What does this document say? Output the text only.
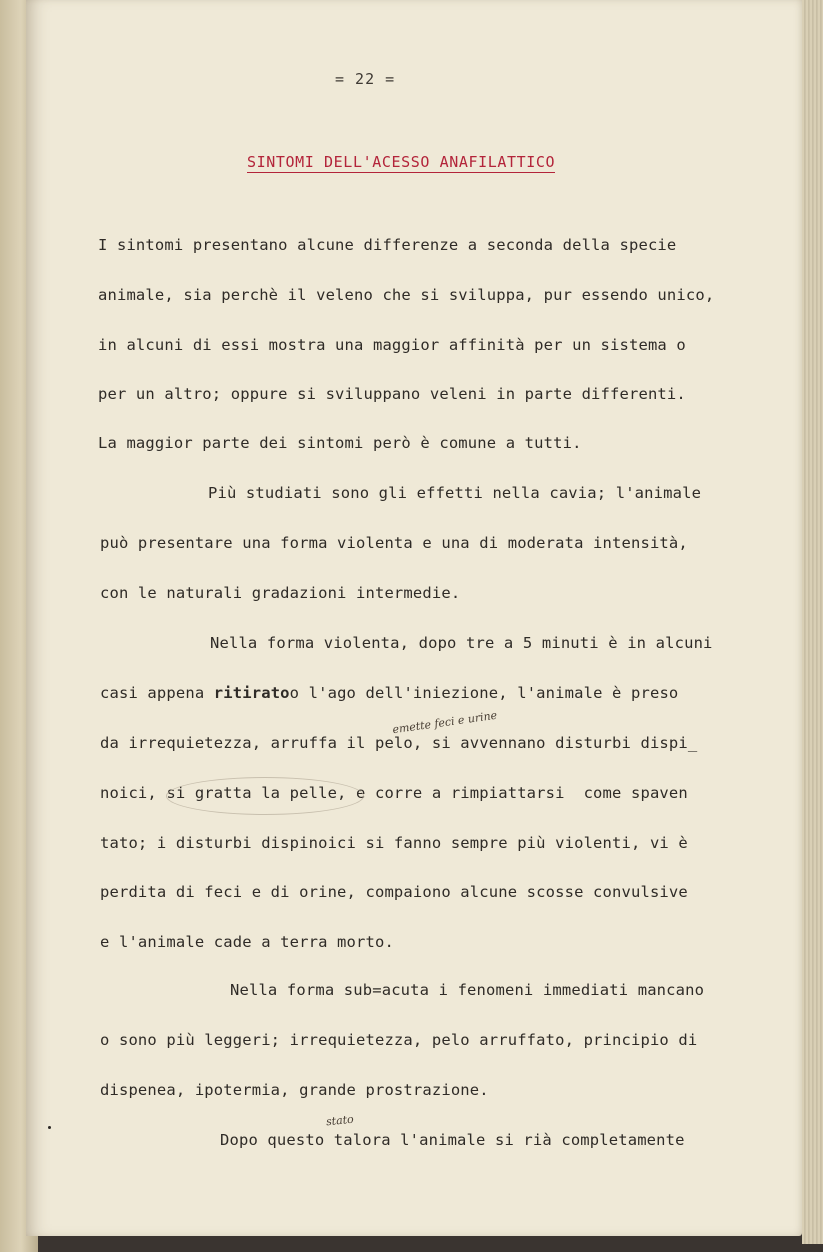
= 22 =
SINTOMI DELL'ACESSO ANAFILATTICO
I sintomi presentano alcune differenze a seconda della specie
animale, sia perchè il veleno che si sviluppa, pur essendo unico,
in alcuni di essi mostra una maggior affinità per un sistema o
per un altro; oppure si sviluppano veleni in parte differenti.
La maggior parte dei sintomi però è comune a tutti.
Più studiati sono gli effetti nella cavia; l'animale
può presentare una forma violenta e una di moderata intensità,
con le naturali gradazioni intermedie.
Nella forma violenta, dopo tre a 5 minuti è in alcuni
casi appena ritiratoo l'ago dell'iniezione, l'animale è preso
da irrequietezza, arruffa il pelo, si avvennano disturbi dispi_
noici, si gratta la pelle, e corre a rimpiattarsi  come spaven
tato; i disturbi dispinoici si fanno sempre più violenti, vi è
perdita di feci e di orine, compaiono alcune scosse convulsive
e l'animale cade a terra morto.
Nella forma sub=acuta i fenomeni immediati mancano
o sono più leggeri; irrequietezza, pelo arruffato, principio di
dispenea, ipotermia, grande prostrazione.
Dopo questo talora l'animale si rià completamente
emette feci e urine
stato
